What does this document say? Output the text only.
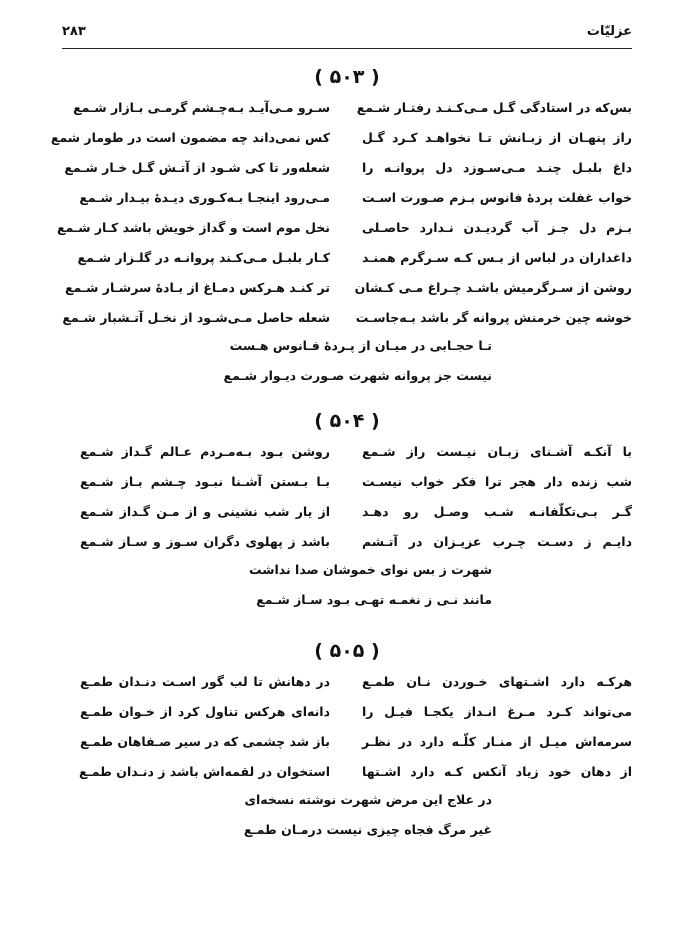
عزلیّات
۲۸۳
( ۵۰۳ )
بس‌که در استادگی گـل مـی‌کـنـد رفتـار شـمع
سـرو مـی‌آیـد بـه‌چـشم گرمـی بـازار شـمع
راز پنهـان از زبـانش تـا نخواهـد کـرد گـل
کس نمی‌داند چه مضمون است در طومار شمع
داغ بلبـل چنـد مـی‌سـوزد دل پروانـه را
شعله‌ور تا کی شـود از آتـش گـل خـار شـمع
خواب غفلت پردهٔ فانوس بـزم صـورت اسـت
مـی‌رود اینجـا بـه‌کـوری دیـدهٔ بیـدار شـمع
بـزم دل جـز آب گردیـدن نـدارد حاصـلی
نخل موم است و گداز خویش باشد کـار شـمع
داغداران در لباس از بـس کـه سـرگرم همنـد
کـار بلبـل مـی‌کـند پروانـه در گلـزار شـمع
روشن از سـرگرمیش باشـد چـراغ مـی کـشان
تر کنـد هـرکس دمـاغ از بـادهٔ سرشـار شـمع
خوشه چین خرمنش پروانه گر باشد بـه‌جاسـت
شعله حاصل مـی‌شـود از نخـل آتـشبار شـمع
تـا حجـابی در میـان از پـردهٔ فـانوس هـست
نیست جز پروانه شهرت صـورت دیـوار شـمع
( ۵۰۴ )
با آنکـه آشـنای زبـان نیـست راز شـمع
روشن بـود بـه‌مـردم عـالم گـداز شـمع
شب زنده دار هجر ترا فکر خواب نیسـت
بـا بـستن آشـنا نبـود چـشم بـاز شـمع
گـر بـی‌تکلّفانـه شـب وصـل رو دهـد
از یار شب نشینی و از مـن گـداز شـمع
دایـم ز دسـت چـرب عزیـزان در آتـشم
باشد ز پهلوی دگران سـوز و سـاز شـمع
شهرت ز بس نوای خموشان صدا نداشت
مانند نـی ز نغمـه تهـی بـود سـاز شـمع
( ۵۰۵ )
هرکـه دارد اشـتهای خـوردن نـان طمـع
در دهانش تا لب گور اسـت دنـدان طمـع
می‌تواند کـرد مـرغ انـداز یکجـا فیـل را
دانه‌ای هرکس تناول کرد از خـوان طمـع
سرمه‌اش میـل از منـار کلّـه دارد در نظـر
باز شد چشمی که در سیر صـفاهان طمـع
از دهان خود زیاد آنکس کـه دارد اشـتها
استخوان در لقمه‌اش باشد ز دنـدان طمـع
در علاج این مرض شهرت نوشته نسخه‌ای
غیر مرگ فجاه چیزی نیست درمـان طمـع
